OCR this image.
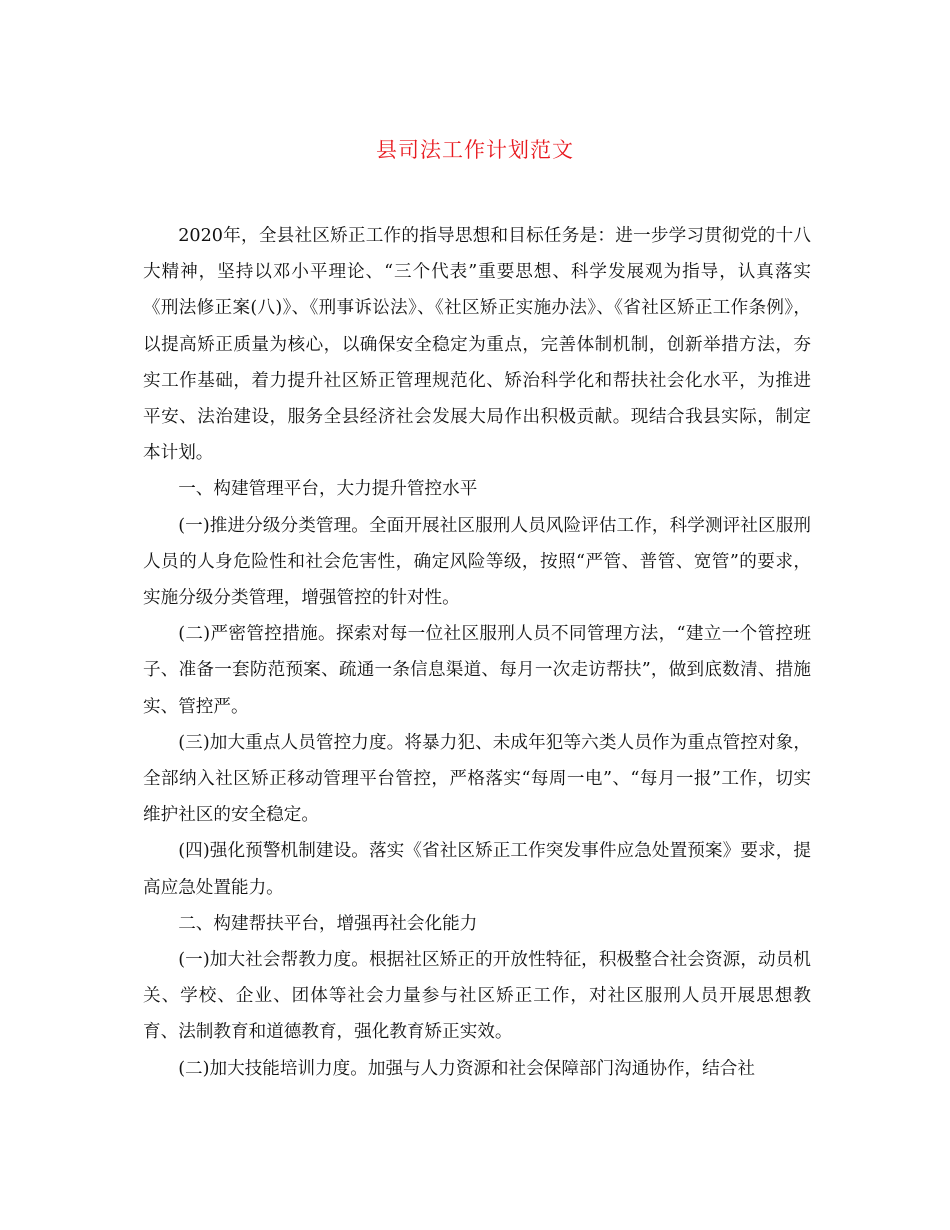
县司法工作计划范文

2020年，全县社区矫正工作的指导思想和目标任务是：进一步学习贯彻党的十八大精神，坚持以邓小平理论、“三个代表”重要思想、科学发展观为指导，认真落实《刑法修正案(八)》、《刑事诉讼法》、《社区矫正实施办法》、《省社区矫正工作条例》，以提高矫正质量为核心，以确保安全稳定为重点，完善体制机制，创新举措方法，夯实工作基础，着力提升社区矫正管理规范化、矫治科学化和帮扶社会化水平，为推进平安、法治建设，服务全县经济社会发展大局作出积极贡献。现结合我县实际，制定本计划。

一、构建管理平台，大力提升管控水平

(一)推进分级分类管理。全面开展社区服刑人员风险评估工作，科学测评社区服刑人员的人身危险性和社会危害性，确定风险等级，按照“严管、普管、宽管”的要求，实施分级分类管理，增强管控的针对性。

(二)严密管控措施。探索对每一位社区服刑人员不同管理方法，“建立一个管控班子、准备一套防范预案、疏通一条信息渠道、每月一次走访帮扶”，做到底数清、措施实、管控严。

(三)加大重点人员管控力度。将暴力犯、未成年犯等六类人员作为重点管控对象，全部纳入社区矫正移动管理平台管控，严格落实“每周一电”、“每月一报”工作，切实维护社区的安全稳定。

(四)强化预警机制建设。落实《省社区矫正工作突发事件应急处置预案》要求，提高应急处置能力。

二、构建帮扶平台，增强再社会化能力

(一)加大社会帮教力度。根据社区矫正的开放性特征，积极整合社会资源，动员机关、学校、企业、团体等社会力量参与社区矫正工作，对社区服刑人员开展思想教育、法制教育和道德教育，强化教育矫正实效。

(二)加大技能培训力度。加强与人力资源和社会保障部门沟通协作，结合社
